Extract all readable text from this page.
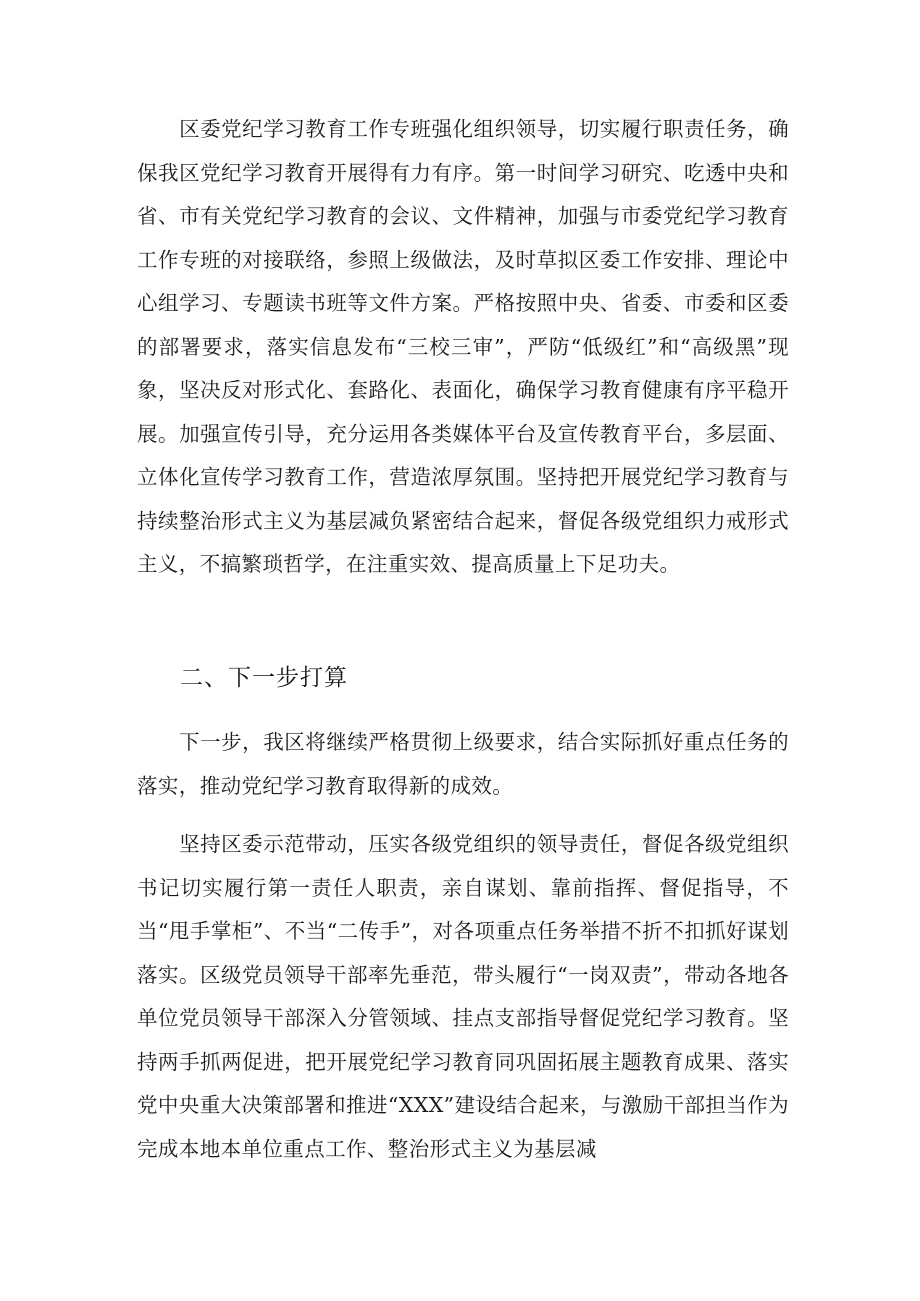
　　区委党纪学习教育工作专班强化组织领导，切实履行职责任务，确保我区党纪学习教育开展得有力有序。第一时间学习研究、吃透中央和省、市有关党纪学习教育的会议、文件精神，加强与市委党纪学习教育工作专班的对接联络，参照上级做法，及时草拟区委工作安排、理论中心组学习、专题读书班等文件方案。严格按照中央、省委、市委和区委的部署要求，落实信息发布“三校三审”，严防“低级红”和“高级黑”现象，坚决反对形式化、套路化、表面化，确保学习教育健康有序平稳开展。加强宣传引导，充分运用各类媒体平台及宣传教育平台，多层面、立体化宣传学习教育工作，营造浓厚氛围。坚持把开展党纪学习教育与持续整治形式主义为基层减负紧密结合起来，督促各级党组织力戒形式主义，不搞繁琐哲学，在注重实效、提高质量上下足功夫。

二、下一步打算

　　下一步，我区将继续严格贯彻上级要求，结合实际抓好重点任务的落实，推动党纪学习教育取得新的成效。

　　坚持区委示范带动，压实各级党组织的领导责任，督促各级党组织书记切实履行第一责任人职责，亲自谋划、靠前指挥、督促指导，不当“甩手掌柜”、不当“二传手”，对各项重点任务举措不折不扣抓好谋划落实。区级党员领导干部率先垂范，带头履行“一岗双责”，带动各地各单位党员领导干部深入分管领域、挂点支部指导督促党纪学习教育。坚持两手抓两促进，把开展党纪学习教育同巩固拓展主题教育成果、落实党中央重大决策部署和推进“XXX”建设结合起来，与激励干部担当作为完成本地本单位重点工作、整治形式主义为基层减
